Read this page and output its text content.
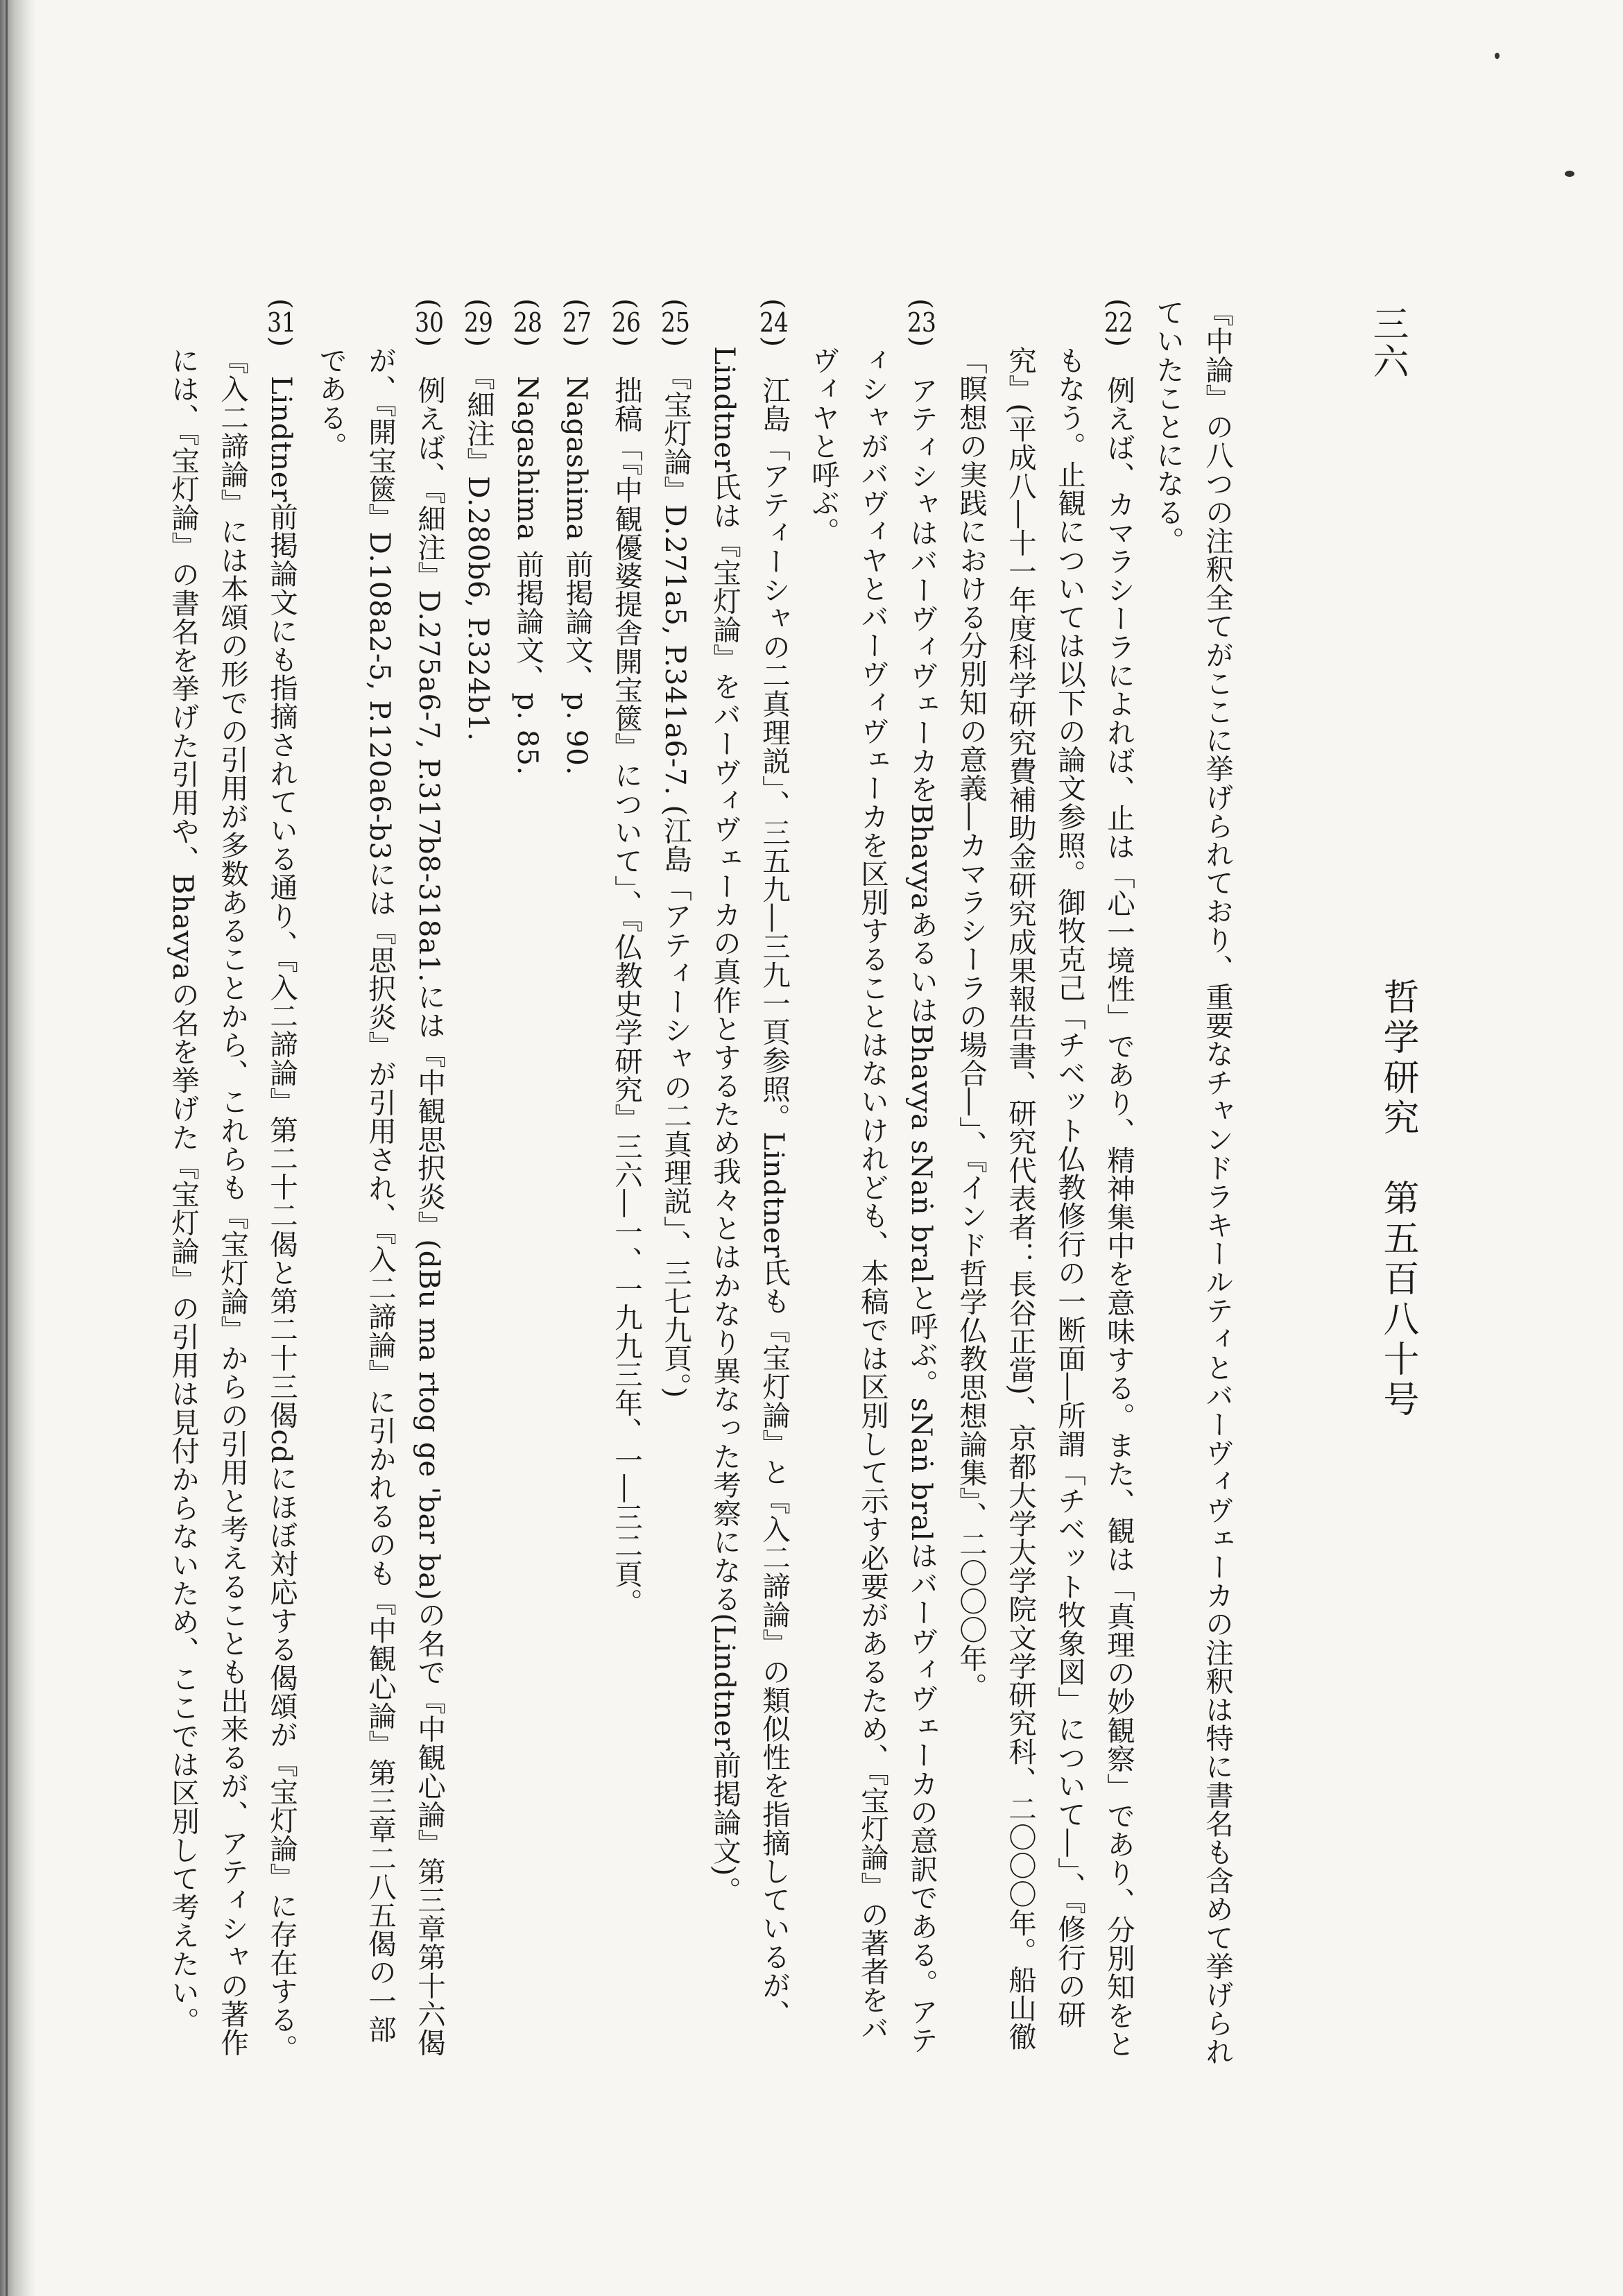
三六
哲学研究　第五百八十号
『中論』の八つの注釈全てがここに挙げられており、重要なチャンドラキールティとバーヴィヴェーカの注釈は特に書名も含めて挙げられていたことになる。
(22)　例えば、カマラシーラによれば、止は「心一境性」であり、精神集中を意味する。また、観は「真理の妙観察」であり、分別知をともなう。止観については以下の論文参照。御牧克己「チベット仏教修行の一断面―所謂「チベット牧象図」について―」、『修行の研究』(平成八―十一年度科学研究費補助金研究成果報告書、研究代表者：長谷正當)、京都大学大学院文学研究科、二〇〇〇年。船山徹「瞑想の実践における分別知の意義―カマラシーラの場合―」、『インド哲学仏教思想論集』、二〇〇〇年。
(23)　アティシャはバーヴィヴェーカをBhavyaあるいはBhavya sNaṅ bralと呼ぶ。sNaṅ bralはバーヴィヴェーカの意訳である。アティシャがバヴィヤとバーヴィヴェーカを区別することはないけれども、本稿では区別して示す必要があるため、『宝灯論』の著者をバヴィヤと呼ぶ。
(24)　江島「アティーシャの二真理説」、三五九―三九一頁参照。Lindtner氏も『宝灯論』と『入二諦論』の類似性を指摘しているが、Lindtner氏は『宝灯論』をバーヴィヴェーカの真作とするため我々とはかなり異なった考察になる(Lindtner前掲論文)。
(25)　『宝灯論』D.271a5, P.341a6-7. (江島「アティーシャの二真理説」、三七九頁。)
(26)　拙稿「『中観優婆提舎開宝篋』について」、『仏教史学研究』三六―一、一九九三年、一―三二頁。
(27)　Nagashima 前掲論文、p. 90.
(28)　Nagashima 前掲論文、p. 85.
(29)　『細注』D.280b6, P.324b1.
(30)　例えば、『細注』D.275a6-7, P.317b8-318a1.には『中観思択炎』(dBu ma rtog ge 'bar ba)の名で『中観心論』第三章第十六偈が、『開宝篋』D.108a2-5, P.120a6-b3には『思択炎』が引用され、『入二諦論』に引かれるのも『中観心論』第三章二八五偈の一部である。
(31)　Lindtner前掲論文にも指摘されている通り、『入二諦論』第二十二偈と第二十三偈cdにほぼ対応する偈頌が『宝灯論』に存在する。『入二諦論』には本頌の形での引用が多数あることから、これらも『宝灯論』からの引用と考えることも出来るが、アティシャの著作には、『宝灯論』の書名を挙げた引用や、Bhavyaの名を挙げた『宝灯論』の引用は見付からないため、ここでは区別して考えたい。
